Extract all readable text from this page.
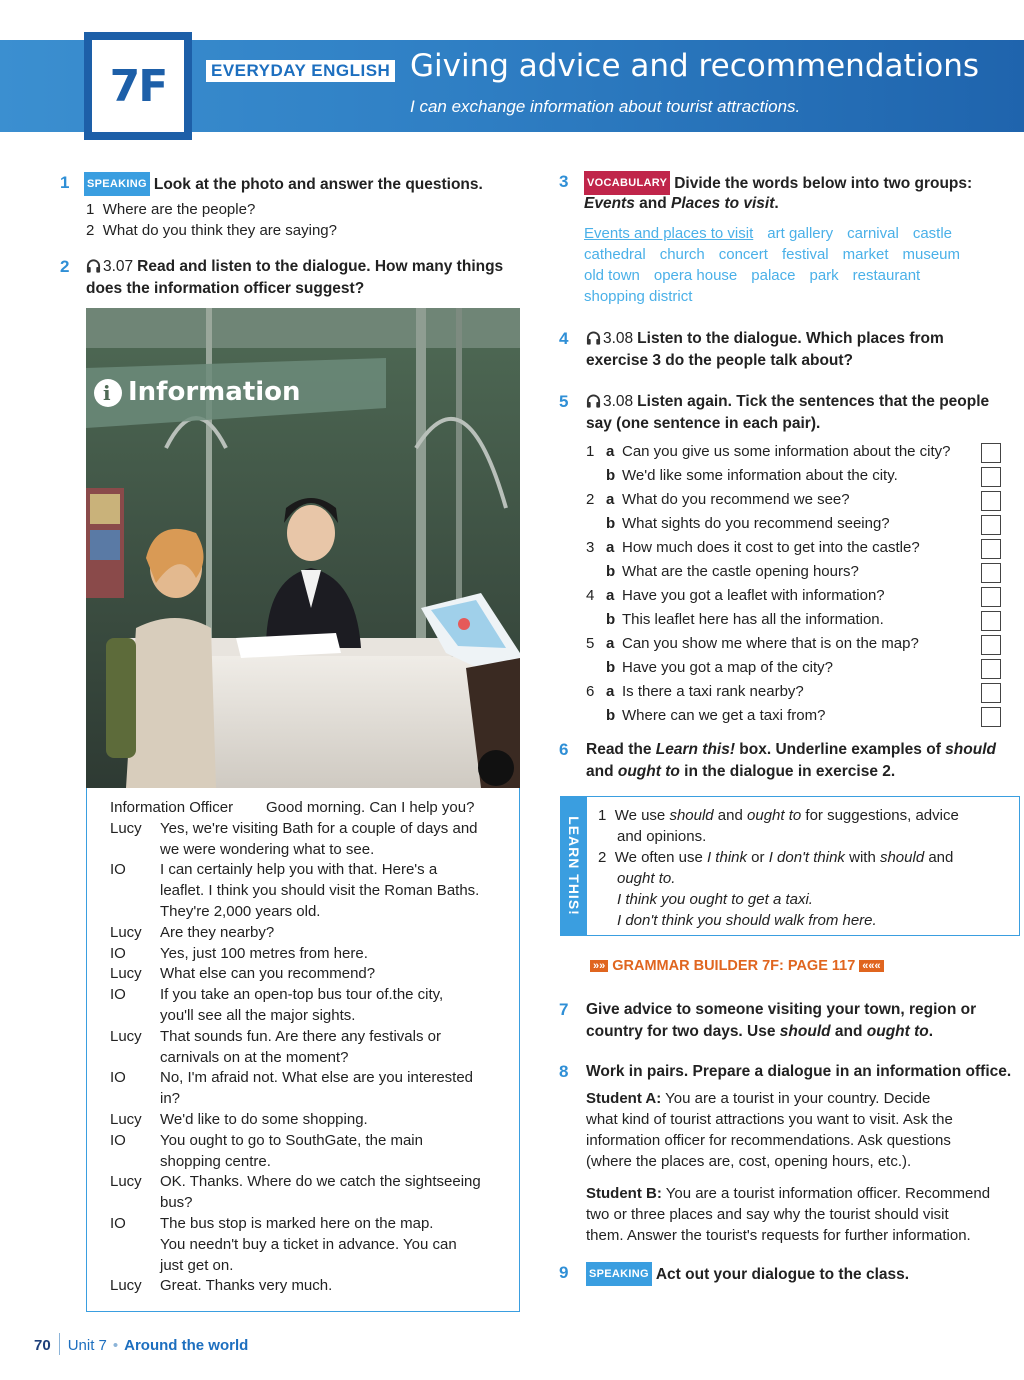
7F	EVERYDAY ENGLISH Giving advice and recommendations
I can exchange information about tourist attractions.
1 SPEAKING Look at the photo and answer the questions.
1 Where are the people?
2 What do you think they are saying?
2	3.07 Read and listen to the dialogue. How many things
does the information officer suggest?
i Information
Information Officer Good morning. Can I help you?
Lucy Yes, we're visiting Bath for a couple of days and
we were wondering what to see.
IO I can certainly help you with that. Here's a
leaflet. I think you should visit the Roman Baths.
They're 2,000 years old.
Lucy Are they nearby?
IO Yes, just 100 metres from here.
Lucy What else can you recommend?
IO If you take an open-top bus tour of.the city,
you'll see all the major sights.
Lucy That sounds fun. Are there any festivals or
carnivals on at the moment?
IO No, I'm afraid not. What else are you interested
in?
Lucy We'd like to do some shopping.
IO You ought to go to SouthGate, the main
shopping centre.
Lucy OK. Thanks. Where do we catch the sightseeing
bus?
IO The bus stop is marked here on the map.
You needn't buy a ticket in advance. You can
just get on.
Lucy Great. Thanks very much.
3 VOCABULARY Divide the words below into two groups:
Events and Places to visit.
Events and places to visit art gallery carnival castle
cathedral church concert festival market museum
old town opera house palace park restaurant
shopping district
4	3.08 Listen to the dialogue. Which places from
exercise 3 do the people talk about?
5	3.08 Listen again. Tick the sentences that the people
say (one sentence in each pair).
1 a Can you give us some information about the city?
b We'd like some information about the city.
2 a What do you recommend we see?
b What sights do you recommend seeing?
3 a How much does it cost to get into the castle?
b What are the castle opening hours?
4 a Have you got a leaflet with information?
b This leaflet here has all the information.
5 a Can you show me where that is on the map?
b Have you got a map of the city?
6 a Is there a taxi rank nearby?
b Where can we get a taxi from?
6 Read the Learn this! box. Underline examples of should
and ought to in the dialogue in exercise 2.
LEARN THIS!
1 We use should and ought to for suggestions, advice
and opinions.
2 We often use I think or I don't think with should and
ought to.
I think you ought to get a taxi.
I don't think you should walk from here.
»» GRAMMAR BUILDER 7F: PAGE 117 «««
7 Give advice to someone visiting your town, region or
country for two days. Use should and ought to.
8 Work in pairs. Prepare a dialogue in an information office.
Student A: You are a tourist in your country. Decide
what kind of tourist attractions you want to visit. Ask the
information officer for recommendations. Ask questions
(where the places are, cost, opening hours, etc.).
Student B: You are a tourist information officer. Recommend
two or three places and say why the tourist should visit
them. Answer the tourist's requests for further information.
9 SPEAKING Act out your dialogue to the class.
70 Unit 7 • Around the world
